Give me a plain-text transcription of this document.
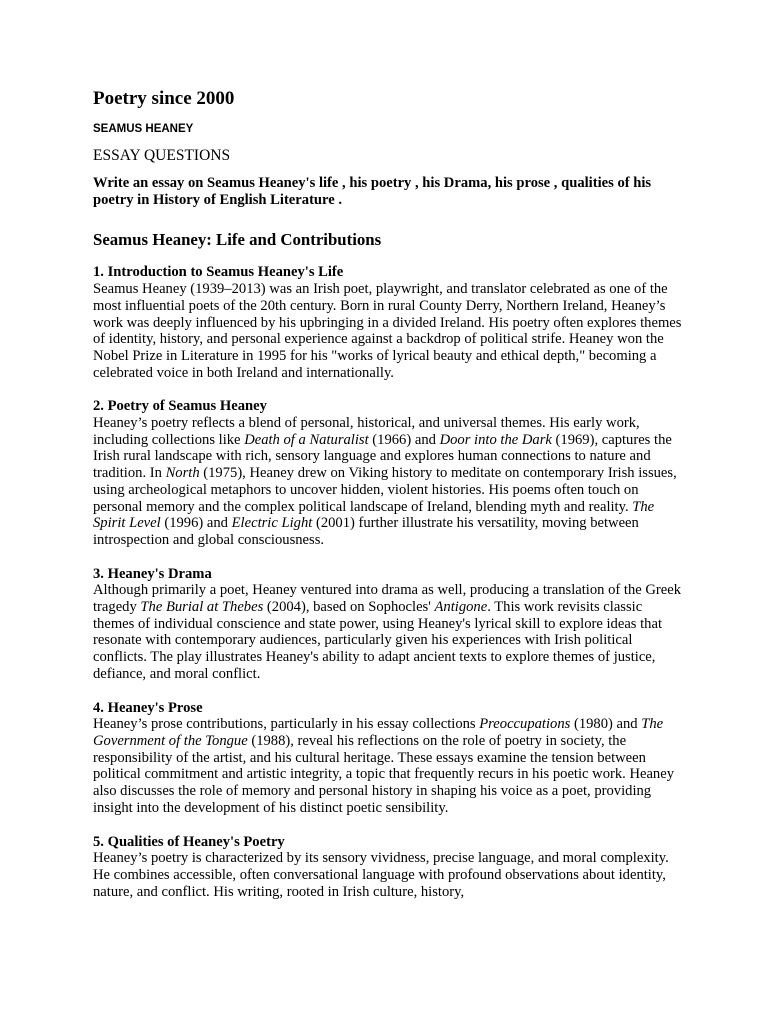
Poetry since 2000
SEAMUS HEANEY
ESSAY QUESTIONS
Write an essay on Seamus Heaney's life , his poetry , his Drama, his prose , qualities of his poetry in History of English Literature .
Seamus Heaney: Life and Contributions
1. Introduction to Seamus Heaney's Life

Seamus Heaney (1939–2013) was an Irish poet, playwright, and translator celebrated as one of the most influential poets of the 20th century. Born in rural County Derry, Northern Ireland, Heaney’s work was deeply influenced by his upbringing in a divided Ireland. His poetry often explores themes of identity, history, and personal experience against a backdrop of political strife. Heaney won the Nobel Prize in Literature in 1995 for his "works of lyrical beauty and ethical depth," becoming a celebrated voice in both Ireland and internationally.

2. Poetry of Seamus Heaney

Heaney’s poetry reflects a blend of personal, historical, and universal themes. His early work, including collections like Death of a Naturalist (1966) and Door into the Dark (1969), captures the Irish rural landscape with rich, sensory language and explores human connections to nature and tradition. In North (1975), Heaney drew on Viking history to meditate on contemporary Irish issues, using archeological metaphors to uncover hidden, violent histories. His poems often touch on personal memory and the complex political landscape of Ireland, blending myth and reality. The Spirit Level (1996) and Electric Light (2001) further illustrate his versatility, moving between introspection and global consciousness.

3. Heaney's Drama

Although primarily a poet, Heaney ventured into drama as well, producing a translation of the Greek tragedy The Burial at Thebes (2004), based on Sophocles' Antigone. This work revisits classic themes of individual conscience and state power, using Heaney's lyrical skill to explore ideas that resonate with contemporary audiences, particularly given his experiences with Irish political conflicts. The play illustrates Heaney's ability to adapt ancient texts to explore themes of justice, defiance, and moral conflict.

4. Heaney's Prose

Heaney’s prose contributions, particularly in his essay collections Preoccupations (1980) and The Government of the Tongue (1988), reveal his reflections on the role of poetry in society, the responsibility of the artist, and his cultural heritage. These essays examine the tension between political commitment and artistic integrity, a topic that frequently recurs in his poetic work. Heaney also discusses the role of memory and personal history in shaping his voice as a poet, providing insight into the development of his distinct poetic sensibility.

5. Qualities of Heaney's Poetry

Heaney’s poetry is characterized by its sensory vividness, precise language, and moral complexity. He combines accessible, often conversational language with profound observations about identity, nature, and conflict. His writing, rooted in Irish culture, history,
